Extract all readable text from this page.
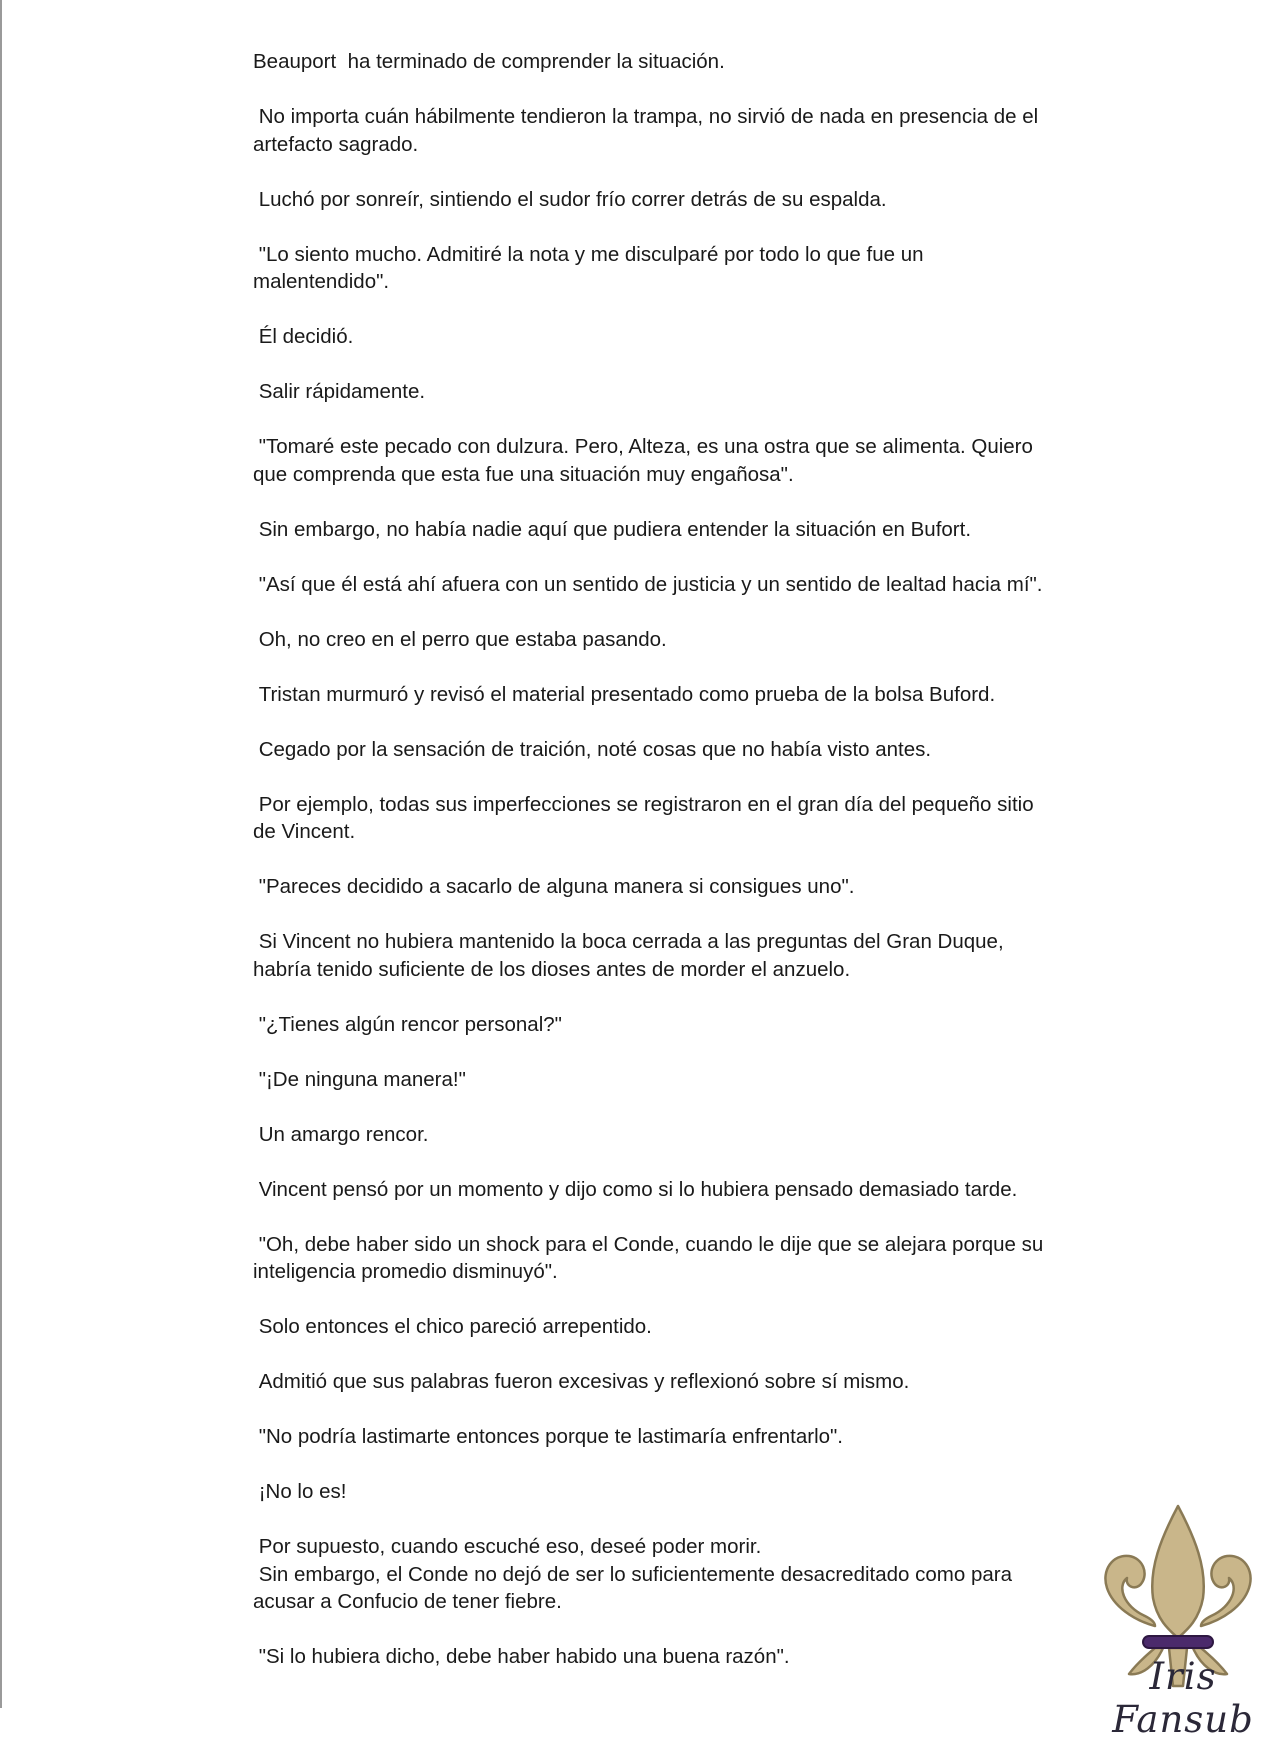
Beauport  ha terminado de comprender la situación.

No importa cuán hábilmente tendieron la trampa, no sirvió de nada en presencia de el artefacto sagrado.

Luchó por sonreír, sintiendo el sudor frío correr detrás de su espalda.

"Lo siento mucho. Admitiré la nota y me disculparé por todo lo que fue un malentendido".

Él decidió.

Salir rápidamente.

"Tomaré este pecado con dulzura. Pero, Alteza, es una ostra que se alimenta. Quiero que comprenda que esta fue una situación muy engañosa".

Sin embargo, no había nadie aquí que pudiera entender la situación en Bufort.

"Así que él está ahí afuera con un sentido de justicia y un sentido de lealtad hacia mí".

Oh, no creo en el perro que estaba pasando.

Tristan murmuró y revisó el material presentado como prueba de la bolsa Buford.

Cegado por la sensación de traición, noté cosas que no había visto antes.

Por ejemplo, todas sus imperfecciones se registraron en el gran día del pequeño sitio de Vincent.

"Pareces decidido a sacarlo de alguna manera si consigues uno".

Si Vincent no hubiera mantenido la boca cerrada a las preguntas del Gran Duque, habría tenido suficiente de los dioses antes de morder el anzuelo.

"¿Tienes algún rencor personal?"

"¡De ninguna manera!"

Un amargo rencor.

Vincent pensó por un momento y dijo como si lo hubiera pensado demasiado tarde.

"Oh, debe haber sido un shock para el Conde, cuando le dije que se alejara porque su inteligencia promedio disminuyó".

Solo entonces el chico pareció arrepentido.

Admitió que sus palabras fueron excesivas y reflexionó sobre sí mismo.

"No podría lastimarte entonces porque te lastimaría enfrentarlo".

¡No lo es!

Por supuesto, cuando escuché eso, deseé poder morir.

Sin embargo, el Conde no dejó de ser lo suficientemente desacreditado como para acusar a Confucio de tener fiebre.

"Si lo hubiera dicho, debe haber habido una buena razón".	Iris Fansub
